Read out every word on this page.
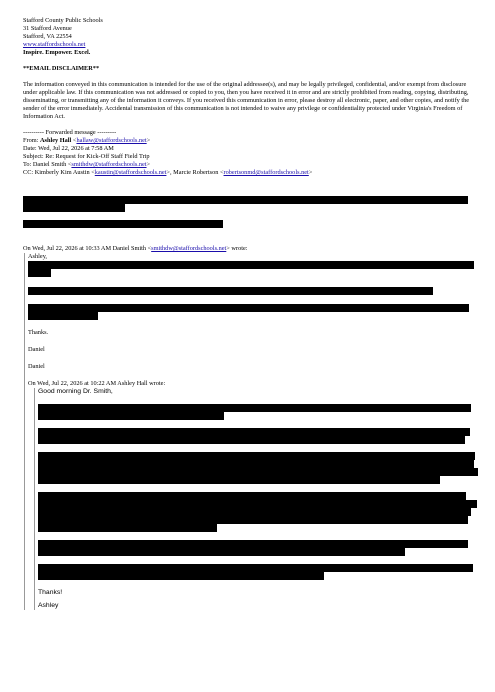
Stafford County Public Schools
31 Stafford Avenue
Stafford, VA 22554
www.staffordschools.net
Inspire. Empower. Excel.
**EMAIL DISCLAIMER**
The information conveyed in this communication is intended for the use of the original addressee(s), and may be legally privileged, confidential, and/or exempt from disclosure under applicable law. If this communication was not addressed or copied to you, then you have received it in error and are strictly prohibited from reading, copying, distributing, disseminating, or transmitting any of the information it conveys. If you received this communication in error, please destroy all electronic, paper, and other copies, and notify the sender of the error immediately. Accidental transmission of this communication is not intended to waive any privilege or confidentiality protected under Virginia's Freedom of Information Act.
---------- Forwarded message ---------
From: Ashley Hall <hallaw@staffordschools.net>
Date: Wed, Jul 22, 2026 at 7:58 AM
Subject: Re: Request for Kick-Off Staff Field Trip
To: Daniel Smith <smithdw@staffordschools.net>
CC: Kimberly Kim Austin <kaustin@staffordschools.net>, Marcie Robertson <robertsonmd@staffordschools.net>
On Wed, Jul 22, 2026 at 10:33 AM Daniel Smith <smithdw@staffordschools.net> wrote:
Ashley,
Thanks.
Daniel
Daniel
On Wed, Jul 22, 2026 at 10:22 AM Ashley Hall wrote:
Good morning Dr. Smith,
Thanks!
Ashley
